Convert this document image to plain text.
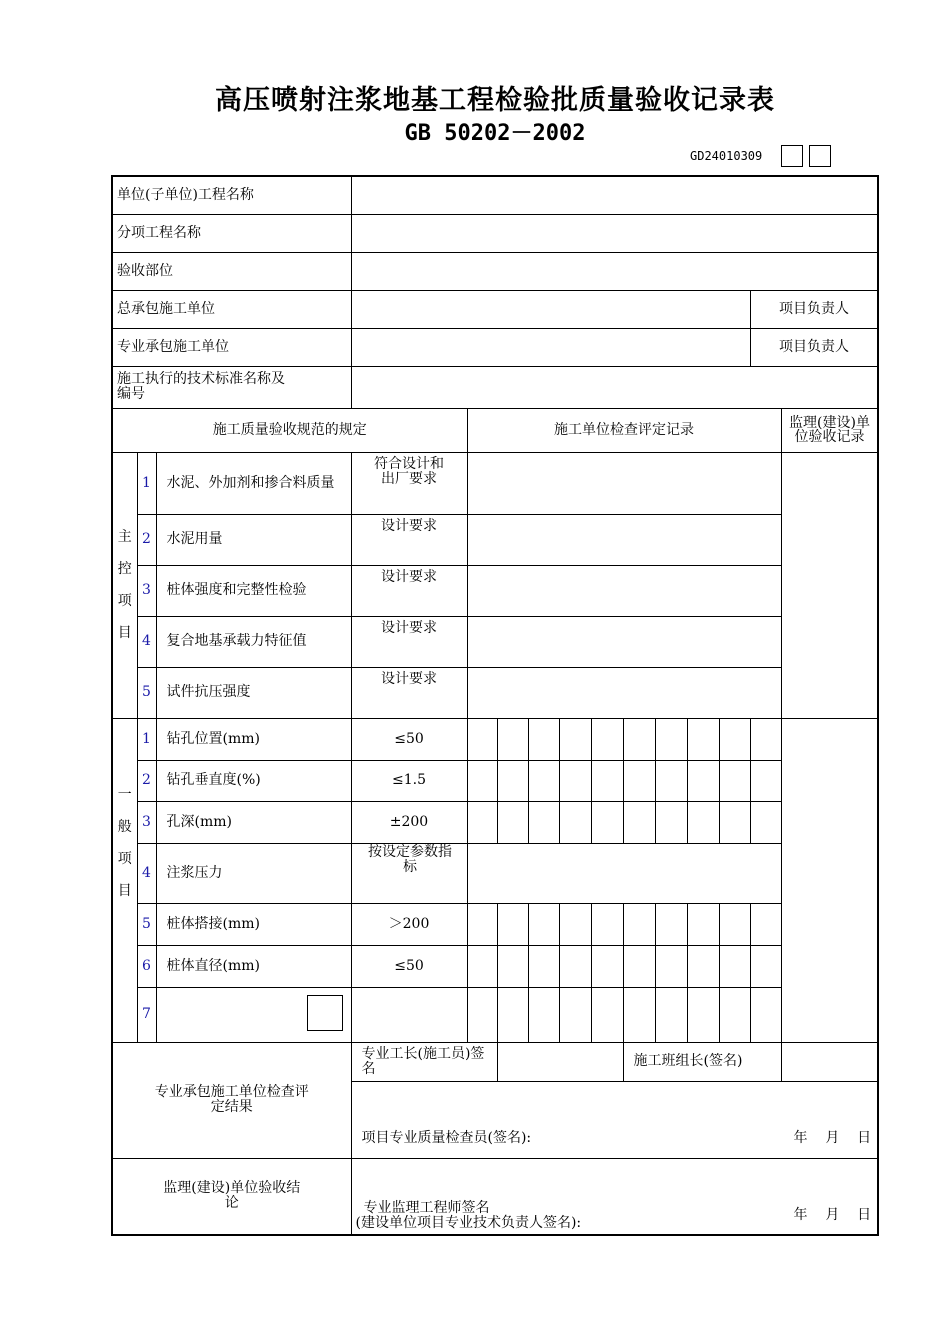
高压喷射注浆地基工程检验批质量验收记录表
GB 50202－2002
GD24010309
单位(子单位)工程名称															
分项工程名称															
验收部位															
总承包施工单位													项目负责人		
专业承包施工单位													项目负责人		
施工执行的技术标准名称及编号															
施工质量验收规范的规定				施工单位检查评定记录										监理(建设)单位验收记录	
主
控
项
目	1	水泥、外加剂和掺合料质量	符合设计和出厂要求												
	2	水泥用量	设计要求												
	3	桩体强度和完整性检验	设计要求												
	4	复合地基承载力特征值	设计要求												
	5	试件抗压强度	设计要求												
一
般
项
目	1	钻孔位置(mm)	≤50												
	2	钻孔垂直度(%)	≤1.5												
	3	孔深(mm)	±200												
	4	注浆压力	按设定参数指标												
	5	桩体搭接(mm)	＞200												
	6	桩体直径(mm)	≤50												
	7														
专业承包施工单位检查评定结果			专业工长(施工员)签名						施工班组长(签名)						
			项目专业质量检查员(签名): 年 月 日												

监理(建设)单位验收结论			专业监理工程师签名
(建设单位项目专业技术负责人签名): 年 月 日												
